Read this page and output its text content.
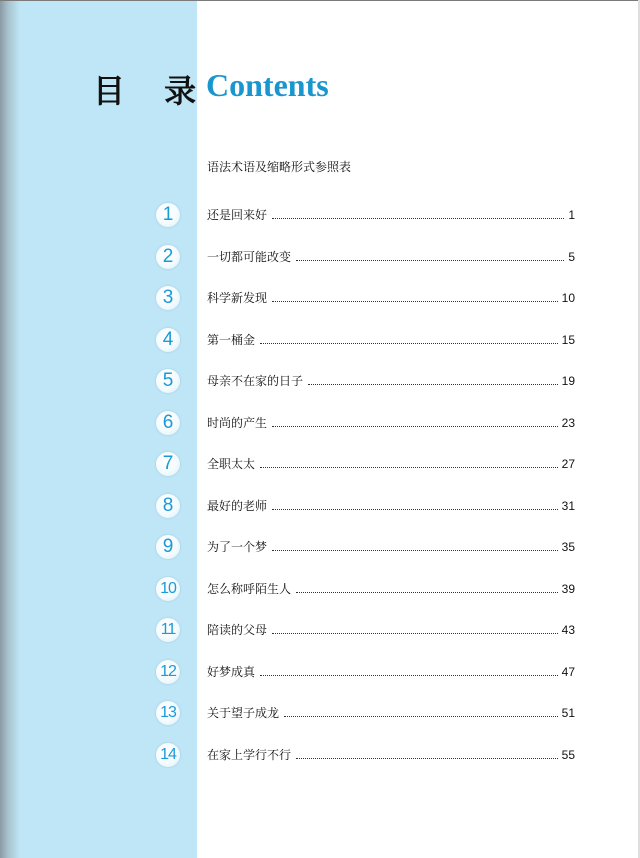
目 录
Contents
语法术语及缩略形式参照表
1	还是回来好	1
2	一切都可能改变	5
3	科学新发现	10
4	第一桶金	15
5	母亲不在家的日子	19
6	时尚的产生	23
7	全职太太	27
8	最好的老师	31
9	为了一个梦	35
10	怎么称呼陌生人	39
11	陪读的父母	43
12	好梦成真	47
13	关于望子成龙	51
14	在家上学行不行	55
